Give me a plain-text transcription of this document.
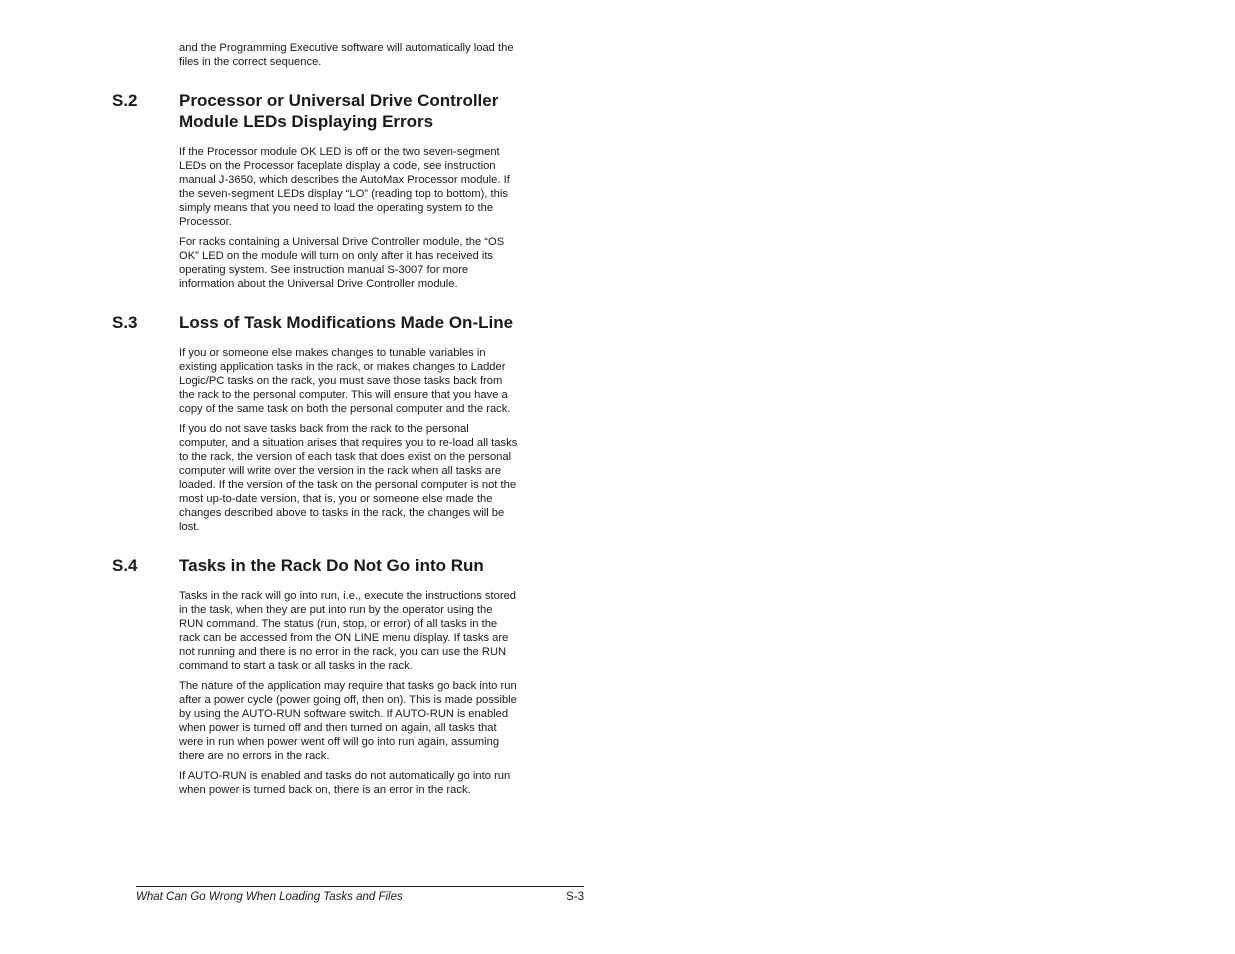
and the Programming Executive software will automatically load the
files in the correct sequence.

S.2 Processor or Universal Drive Controller
Module LEDs Displaying Errors

If the Processor module OK LED is off or the two seven-segment
LEDs on the Processor faceplate display a code, see instruction
manual J-3650, which describes the AutoMax Processor module. If
the seven-segment LEDs display “LO” (reading top to bottom), this
simply means that you need to load the operating system to the
Processor.

For racks containing a Universal Drive Controller module, the “OS
OK” LED on the module will turn on only after it has received its
operating system. See instruction manual S-3007 for more
information about the Universal Drive Controller module.

S.3 Loss of Task Modifications Made On-Line

If you or someone else makes changes to tunable variables in
existing application tasks in the rack, or makes changes to Ladder
Logic/PC tasks on the rack, you must save those tasks back from
the rack to the personal computer. This will ensure that you have a
copy of the same task on both the personal computer and the rack.

If you do not save tasks back from the rack to the personal
computer, and a situation arises that requires you to re-load all tasks
to the rack, the version of each task that does exist on the personal
computer will write over the version in the rack when all tasks are
loaded. If the version of the task on the personal computer is not the
most up-to-date version, that is, you or someone else made the
changes described above to tasks in the rack, the changes will be
lost.

S.4 Tasks in the Rack Do Not Go into Run

Tasks in the rack will go into run, i.e., execute the instructions stored
in the task, when they are put into run by the operator using the
RUN command. The status (run, stop, or error) of all tasks in the
rack can be accessed from the ON LINE menu display. If tasks are
not running and there is no error in the rack, you can use the RUN
command to start a task or all tasks in the rack.

The nature of the application may require that tasks go back into run
after a power cycle (power going off, then on). This is made possible
by using the AUTO-RUN software switch. If AUTO-RUN is enabled
when power is turned off and then turned on again, all tasks that
were in run when power went off will go into run again, assuming
there are no errors in the rack.

If AUTO-RUN is enabled and tasks do not automatically go into run
when power is turned back on, there is an error in the rack.

What Can Go Wrong When Loading Tasks and Files	S-3
